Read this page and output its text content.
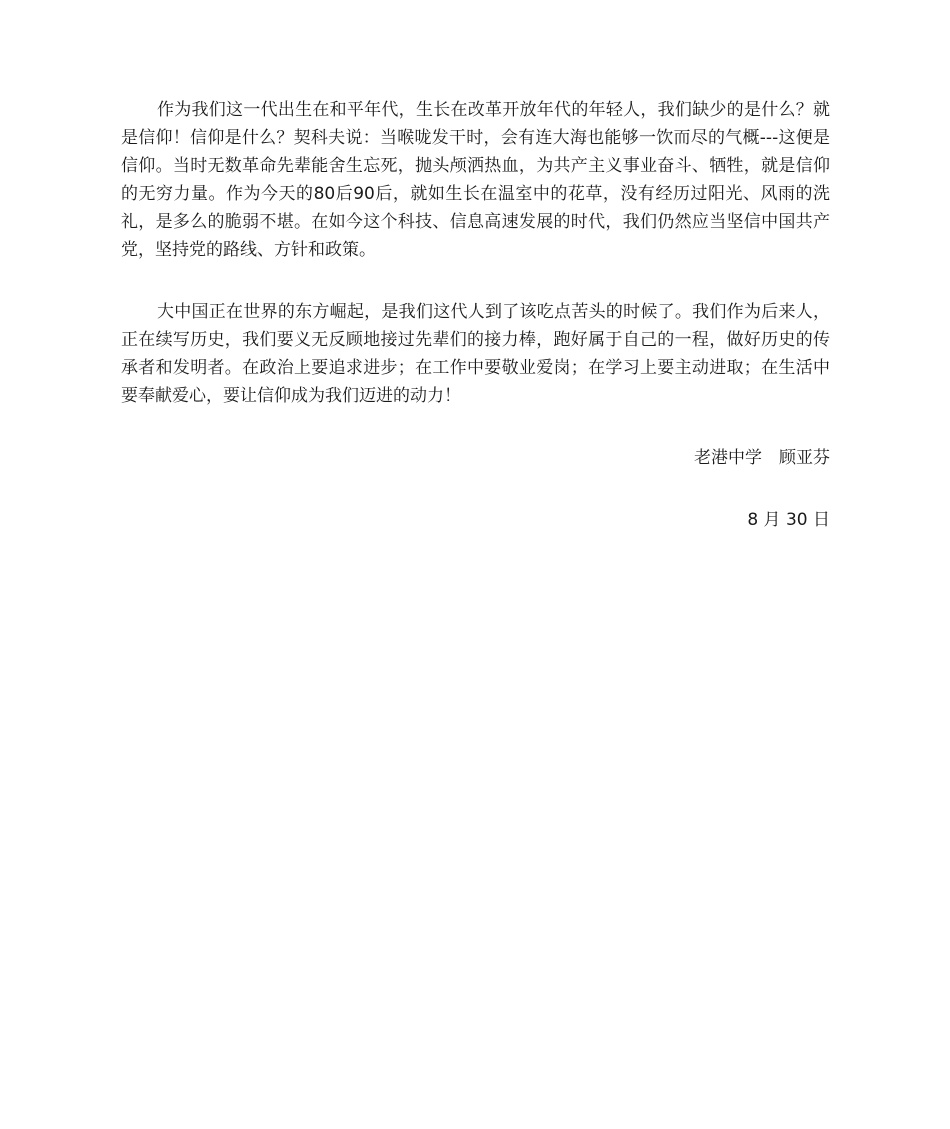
作为我们这一代出生在和平年代，生长在改革开放年代的年轻人，我们缺少的是什么？就是信仰！信仰是什么？契科夫说：当喉咙发干时，会有连大海也能够一饮而尽的气概---这便是信仰。当时无数革命先辈能舍生忘死，抛头颅洒热血，为共产主义事业奋斗、牺牲，就是信仰的无穷力量。作为今天的80后90后，就如生长在温室中的花草，没有经历过阳光、风雨的洗礼，是多么的脆弱不堪。在如今这个科技、信息高速发展的时代，我们仍然应当坚信中国共产党，坚持党的路线、方针和政策。

大中国正在世界的东方崛起，是我们这代人到了该吃点苦头的时候了。我们作为后来人，正在续写历史，我们要义无反顾地接过先辈们的接力棒，跑好属于自己的一程，做好历史的传承者和发明者。在政治上要追求进步；在工作中要敬业爱岗；在学习上要主动进取；在生活中要奉献爱心，要让信仰成为我们迈进的动力！

老港中学　顾亚芬

8 月 30 日
